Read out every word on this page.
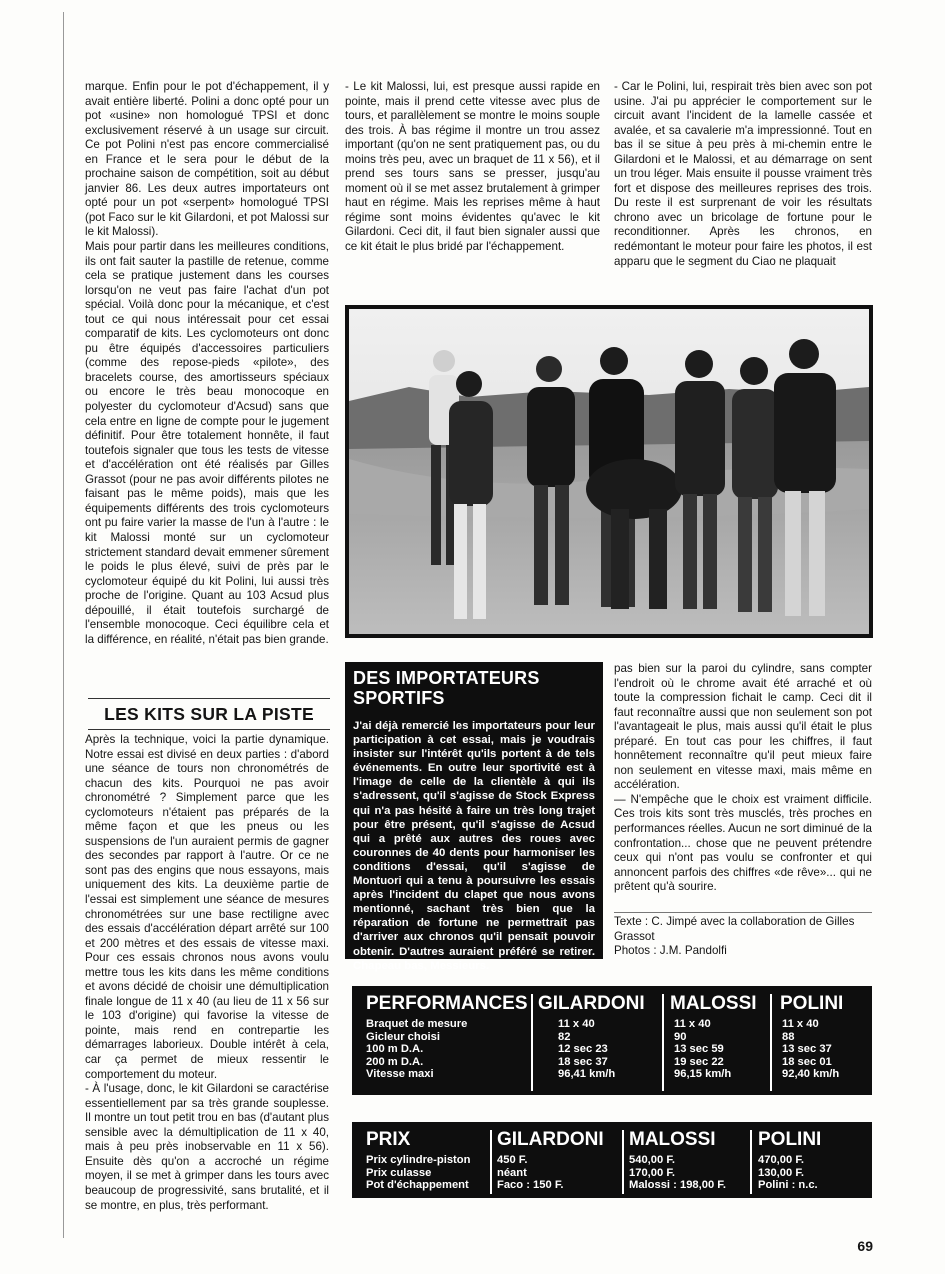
marque. Enfin pour le pot d'échappement, il y avait entière liberté. Polini a donc opté pour un pot «usine» non homologué TPSI et donc exclusivement réservé à un usage sur circuit. Ce pot Polini n'est pas encore commercialisé en France et le sera pour le début de la prochaine saison de compétition, soit au début janvier 86. Les deux autres importateurs ont opté pour un pot «serpent» homologué TPSI (pot Faco sur le kit Gilardoni, et pot Malossi sur le kit Malossi).

Mais pour partir dans les meilleures conditions, ils ont fait sauter la pastille de retenue, comme cela se pratique justement dans les courses lorsqu'on ne veut pas faire l'achat d'un pot spécial. Voilà donc pour la mécanique, et c'est tout ce qui nous intéressait pour cet essai comparatif de kits. Les cyclomoteurs ont donc pu être équipés d'accessoires particuliers (comme des repose-pieds «pilote», des bracelets course, des amortisseurs spéciaux ou encore le très beau monocoque en polyester du cyclomoteur d'Acsud) sans que cela entre en ligne de compte pour le jugement définitif. Pour être totalement honnête, il faut toutefois signaler que tous les tests de vitesse et d'accélération ont été réalisés par Gilles Grassot (pour ne pas avoir différents pilotes ne faisant pas le même poids), mais que les équipements différents des trois cyclomoteurs ont pu faire varier la masse de l'un à l'autre : le kit Malossi monté sur un cyclomoteur strictement standard devait emmener sûrement le poids le plus élevé, suivi de près par le cyclomoteur équipé du kit Polini, lui aussi très proche de l'origine. Quant au 103 Acsud plus dépouillé, il était toutefois surchargé de l'ensemble monocoque. Ceci équilibre cela et la différence, en réalité, n'était pas bien grande.

LES KITS SUR LA PISTE

Après la technique, voici la partie dynamique. Notre essai est divisé en deux parties : d'abord une séance de tours non chronométrés de chacun des kits. Pourquoi ne pas avoir chronométré ? Simplement parce que les cyclomoteurs n'étaient pas préparés de la même façon et que les pneus ou les suspensions de l'un auraient permis de gagner des secondes par rapport à l'autre. Or ce ne sont pas des engins que nous essayons, mais uniquement des kits. La deuxième partie de l'essai est simplement une séance de mesures chronométrées sur une base rectiligne avec des essais d'accélération départ arrêté sur 100 et 200 mètres et des essais de vitesse maxi. Pour ces essais chronos nous avons voulu mettre tous les kits dans les même conditions et avons décidé de choisir une démultiplication finale longue de 11 x 40 (au lieu de 11 x 56 sur le 103 d'origine) qui favorise la vitesse de pointe, mais rend en contrepartie les démarrages laborieux. Double intérêt à cela, car ça permet de mieux ressentir le comportement du moteur.

- À l'usage, donc, le kit Gilardoni se caractérise essentiellement par sa très grande souplesse. Il montre un tout petit trou en bas (d'autant plus sensible avec la démultiplication de 11 x 40, mais à peu près inobservable en 11 x 56). Ensuite dès qu'on a accroché un régime moyen, il se met à grimper dans les tours avec beaucoup de progressivité, sans brutalité, et il se montre, en plus, très performant.

- Le kit Malossi, lui, est presque aussi rapide en pointe, mais il prend cette vitesse avec plus de tours, et parallèlement se montre le moins souple des trois. À bas régime il montre un trou assez important (qu'on ne sent pratiquement pas, ou du moins très peu, avec un braquet de 11 x 56), et il prend ses tours sans se presser, jusqu'au moment où il se met assez brutalement à grimper haut en régime. Mais les reprises même à haut régime sont moins évidentes qu'avec le kit Gilardoni. Ceci dit, il faut bien signaler aussi que ce kit était le plus bridé par l'échappement.

- Car le Polini, lui, respirait très bien avec son pot usine. J'ai pu apprécier le comportement sur le circuit avant l'incident de la lamelle cassée et avalée, et sa cavalerie m'a impressionné. Tout en bas il se situe à peu près à mi-chemin entre le Gilardoni et le Malossi, et au démarrage on sent un trou léger. Mais ensuite il pousse vraiment très fort et dispose des meilleures reprises des trois. Du reste il est surprenant de voir les résultats chrono avec un bricolage de fortune pour le reconditionner. Après les chronos, en redémontant le moteur pour faire les photos, il est apparu que le segment du Ciao ne plaquait

DES IMPORTATEURS SPORTIFS
J'ai déjà remercié les importateurs pour leur participation à cet essai, mais je voudrais insister sur l'intérêt qu'ils portent à de tels événements. En outre leur sportivité est à l'image de celle de la clientèle à qui ils s'adressent, qu'il s'agisse de Stock Express qui n'a pas hésité à faire un très long trajet pour être présent, qu'il s'agisse de Acsud qui a prêté aux autres des roues avec couronnes de 40 dents pour harmoniser les conditions d'essai, qu'il s'agisse de Montuori qui a tenu à poursuivre les essais après l'incident du clapet que nous avons mentionné, sachant très bien que la réparation de fortune ne permettrait pas d'arriver aux chronos qu'il pensait pouvoir obtenir. D'autres auraient préféré se retirer. Chapeau bas, Messieurs.

pas bien sur la paroi du cylindre, sans compter l'endroit où le chrome avait été arraché et où toute la compression fichait le camp. Ceci dit il faut reconnaître aussi que non seulement son pot l'avantageait le plus, mais aussi qu'il était le plus préparé. En tout cas pour les chiffres, il faut honnêtement reconnaître qu'il peut mieux faire non seulement en vitesse maxi, mais même en accélération.

— N'empêche que le choix est vraiment difficile. Ces trois kits sont très musclés, très proches en performances réelles. Aucun ne sort diminué de la confrontation... chose que ne peuvent prétendre ceux qui n'ont pas voulu se confronter et qui annoncent parfois des chiffres «de rêve»... qui ne prêtent qu'à sourire.

Texte : C. Jimpé avec la collaboration de Gilles Grassot

Photos : J.M. Pandolfi

PERFORMANCES
Braquet de mesure
Gicleur choisi
100 m D.A.
200 m D.A.
Vitesse maxi
GILARDONI
11 x 40
82
12 sec 23
18 sec 37
96,41 km/h
MALOSSI
11 x 40
90
13 sec 59
19 sec 22
96,15 km/h
POLINI
11 x 40
88
13 sec 37
18 sec 01
92,40 km/h
PRIX
Prix cylindre-piston
Prix culasse
Pot d'échappement
GILARDONI
450 F.
néant
Faco : 150 F.
MALOSSI
540,00 F.
170,00 F.
Malossi : 198,00 F.
POLINI
470,00 F.
130,00 F.
Polini : n.c.
69
